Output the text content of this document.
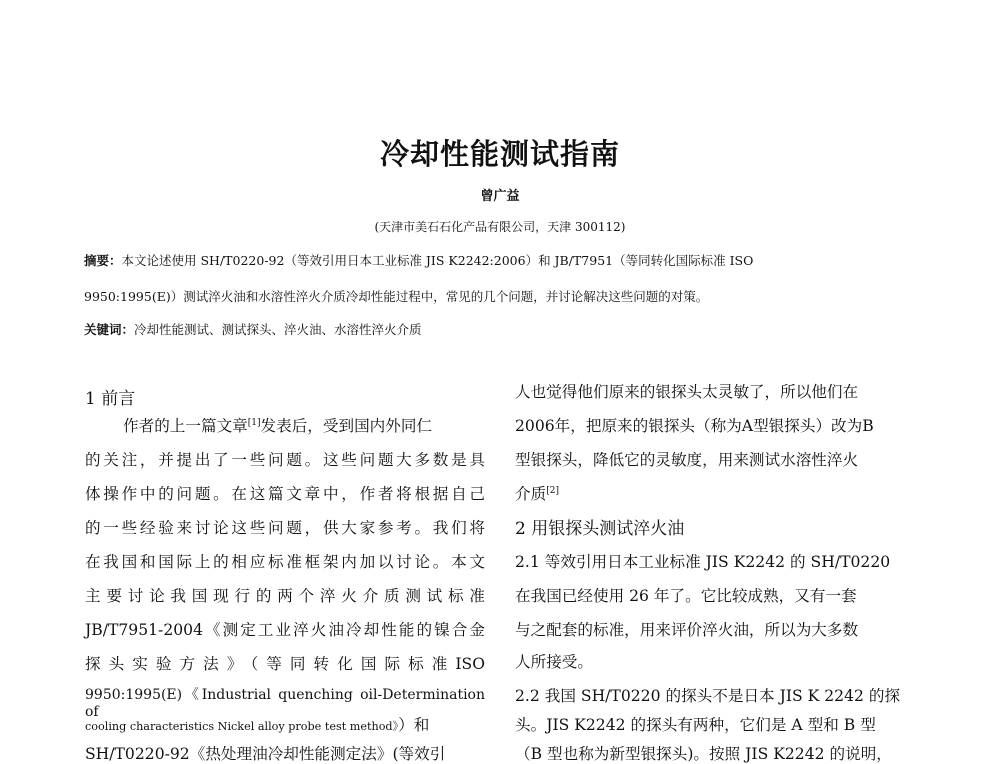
冷却性能测试指南
曾广益
(天津市美石石化产品有限公司，天津 300112)
摘要：本文论述使用 SH/T0220-92（等效引用日本工业标准 JIS K2242:2006）和 JB/T7951（等同转化国际标准 ISO
9950:1995(E)）测试淬火油和水溶性淬火介质冷却性能过程中，常见的几个问题，并讨论解决这些问题的对策。
关键词：冷却性能测试、测试探头、淬火油、水溶性淬火介质
1 前言
作者的上一篇文章[1]发表后，受到国内外同仁
的关注，并提出了一些问题。这些问题大多数是具
体操作中的问题。在这篇文章中，作者将根据自己
的一些经验来讨论这些问题，供大家参考。我们将
在我国和国际上的相应标准框架内加以讨论。本文
主要讨论我国现行的两个淬火介质测试标准
JB/T7951-2004《测定工业淬火油冷却性能的镍合金
探头实验方法》（等同转化国际标准ISO
9950:1995(E)《Industrial quenching oil-Determination of
cooling characteristics Nickel alloy probe test method》）和
SH/T0220-92《热处理油冷却性能测定法》(等效引
人也觉得他们原来的银探头太灵敏了，所以他们在
2006年，把原来的银探头（称为A型银探头）改为B
型银探头，降低它的灵敏度，用来测试水溶性淬火
介质[2]
2 用银探头测试淬火油
2.1 等效引用日本工业标准 JIS K2242 的 SH/T0220
在我国已经使用 26 年了。它比较成熟，又有一套
与之配套的标准，用来评价淬火油，所以为大多数
人所接受。
2.2 我国 SH/T0220 的探头不是日本 JIS K 2242 的探
头。JIS K2242 的探头有两种，它们是 A 型和 B 型
（B 型也称为新型银探头)。按照 JIS K2242 的说明，
